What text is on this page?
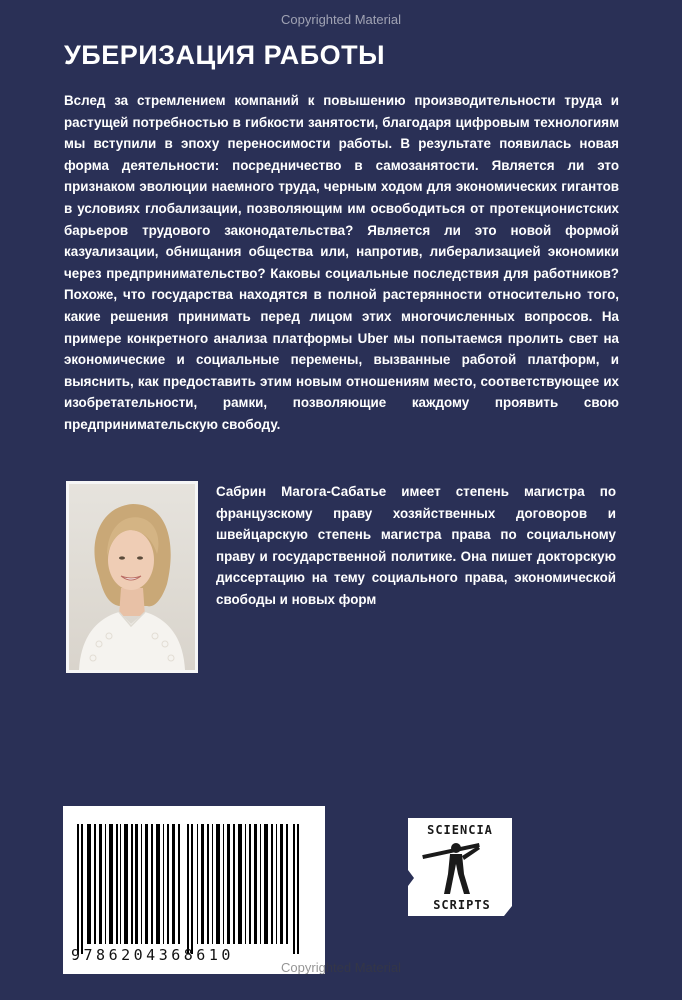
Copyrighted Material
УБЕРИЗАЦИЯ РАБОТЫ

Вслед за стремлением компаний к повышению производительности труда и растущей потребностью в гибкости занятости, благодаря цифровым технологиям мы вступили в эпоху переносимости работы. В результате появилась новая форма деятельности: посредничество в самозанятости. Является ли это признаком эволюции наемного труда, черным ходом для экономических гигантов в условиях глобализации, позволяющим им освободиться от протекционистских барьеров трудового законодательства? Является ли это новой формой казуализации, обнищания общества или, напротив, либерализацией экономики через предпринимательство? Каковы социальные последствия для работников? Похоже, что государства находятся в полной растерянности относительно того, какие решения принимать перед лицом этих многочисленных вопросов. На примере конкретного анализа платформы Uber мы попытаемся пролить свет на экономические и социальные перемены, вызванные работой платформ, и выяснить, как предоставить этим новым отношениям место, соответствующее их изобретательности, рамки, позволяющие каждому проявить свою предпринимательскую свободу.

Сабрин Магога-Сабатье имеет степень магистра по французскому праву хозяйственных договоров и швейцарскую степень магистра права по социальному праву и государственной политике. Она пишет докторскую диссертацию на тему социального права, экономической свободы и новых форм

9786204368610
Copyrighted Material
SCIENCIA
SCRIPTS
